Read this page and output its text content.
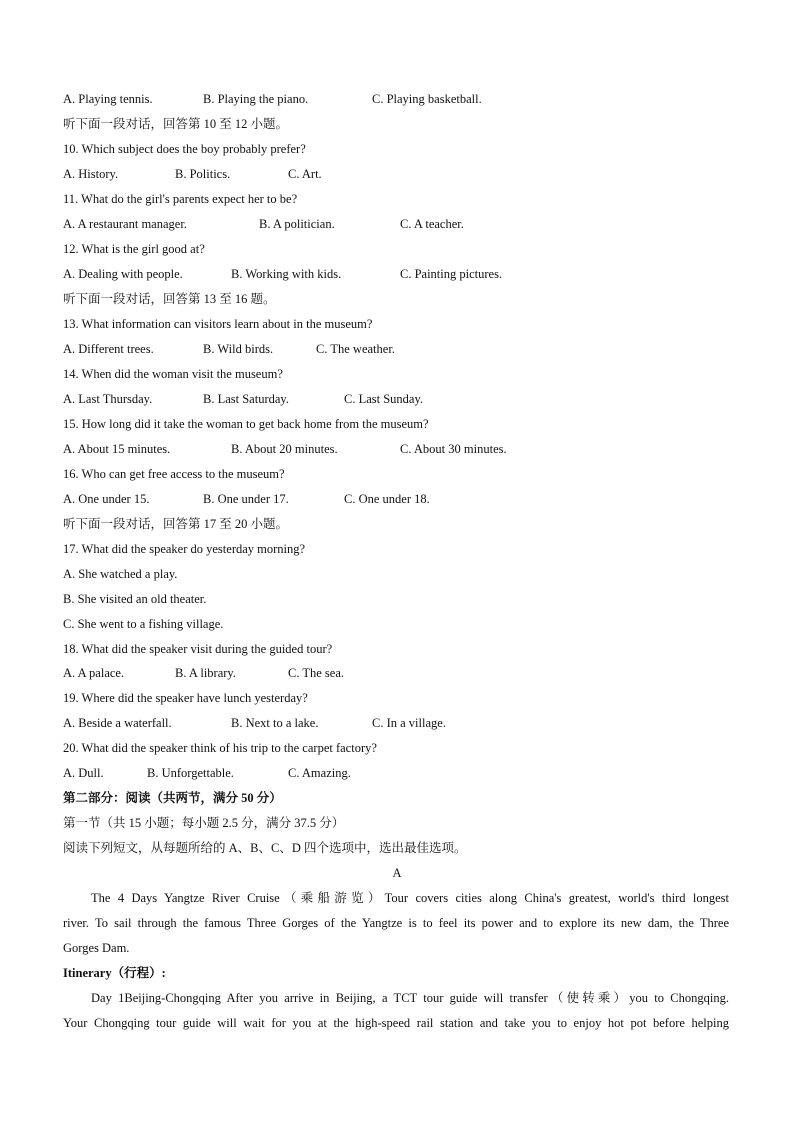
A. Playing tennis.	B. Playing the piano.	C. Playing basketball.
听下面一段对话，回答第 10 至 12 小题。
10. Which subject does the boy probably prefer?
A. History.	B. Politics.	C. Art.
11. What do the girl's parents expect her to be?
A. A restaurant manager.	B. A politician.	C. A teacher.
12. What is the girl good at?
A. Dealing with people.	B. Working with kids.	C. Painting pictures.
听下面一段对话，回答第 13 至 16 题。
13. What information can visitors learn about in the museum?
A. Different trees.	B. Wild birds.	C. The weather.
14. When did the woman visit the museum?
A. Last Thursday.	B. Last Saturday.	C. Last Sunday.
15. How long did it take the woman to get back home from the museum?
A. About 15 minutes.	B. About 20 minutes.	C. About 30 minutes.
16. Who can get free access to the museum?
A. One under 15.	B. One under 17.	C. One under 18.
听下面一段对话，回答第 17 至 20 小题。
17. What did the speaker do yesterday morning?
A. She watched a play.
B. She visited an old theater.
C. She went to a fishing village.
18. What did the speaker visit during the guided tour?
A. A palace.	B. A library.	C. The sea.
19. Where did the speaker have lunch yesterday?
A. Beside a waterfall.	B. Next to a lake.	C. In a village.
20. What did the speaker think of his trip to the carpet factory?
A. Dull.	B. Unforgettable.	C. Amazing.
第二部分：阅读（共两节，满分 50 分）
第一节（共 15 小题；每小题 2.5 分，满分 37.5 分）
阅读下列短文，从每题所给的 A、B、C、D 四个选项中，选出最佳选项。
A
The 4 Days Yangtze River Cruise（乘船游览）Tour covers cities along China's greatest, world's third longest
river. To sail through the famous Three Gorges of the Yangtze is to feel its power and to explore its new dam, the Three
Gorges Dam.
Itinerary（行程）:
Day 1Beijing-Chongqing After you arrive in Beijing, a TCT tour guide will transfer（使转乘）you to Chongqing.
Your Chongqing tour guide will wait for you at the high-speed rail station and take you to enjoy hot pot before helping
